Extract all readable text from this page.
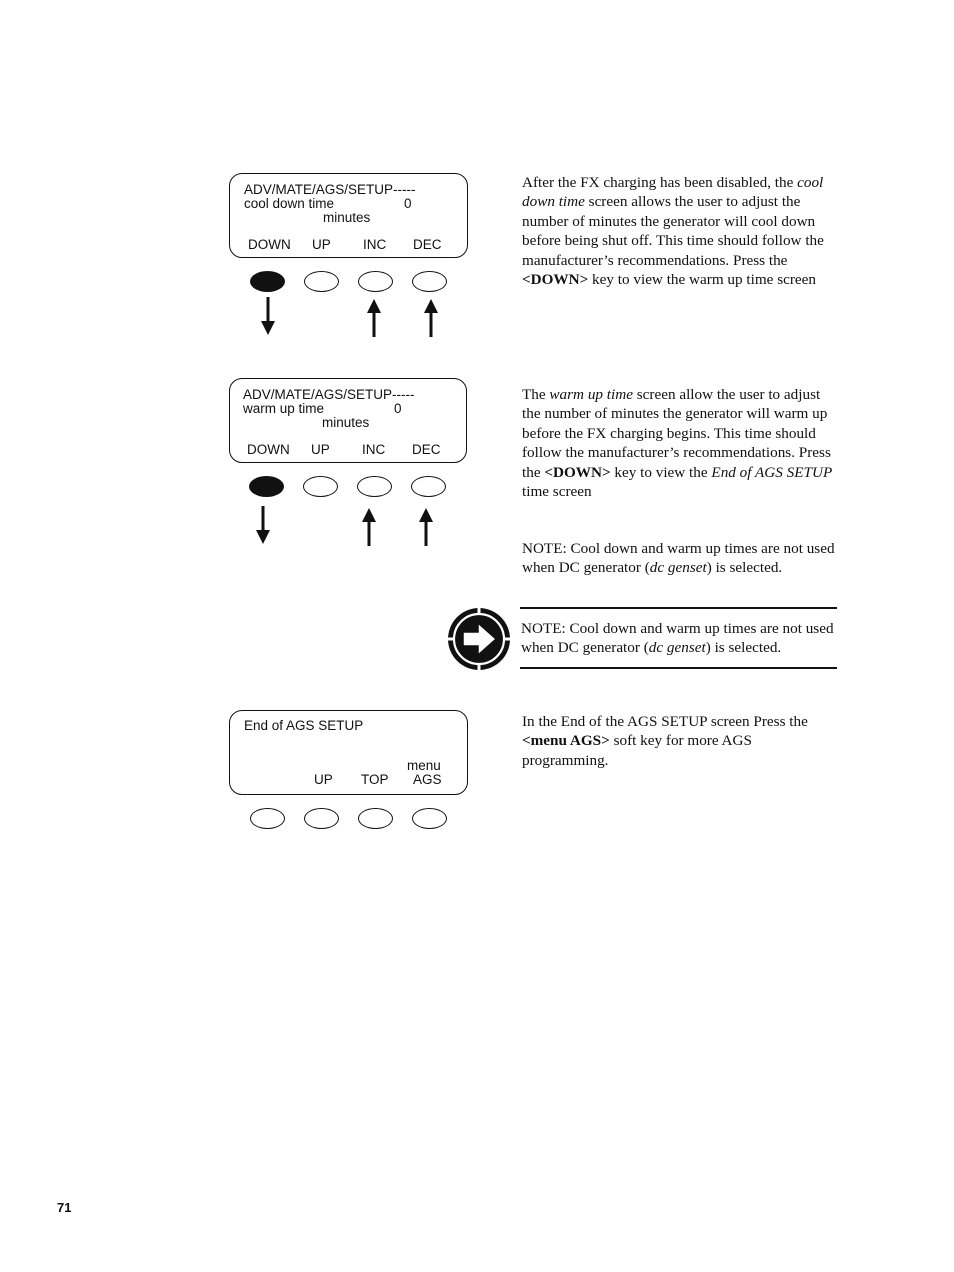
ADV/MATE/AGS/SETUP-----
cool down time	0
minutes
DOWN UP INC DEC

After the FX charging has been disabled, the cool down time screen allows the user to adjust the number of minutes the generator will cool down before being shut off. This time should follow the manufacturer’s recommendations. Press the <DOWN> key to view the warm up time screen

ADV/MATE/AGS/SETUP-----
warm up time	0
minutes
DOWN UP INC DEC

The warm up time screen allow the user to adjust the number of minutes the generator will warm up before the FX charging begins. This time should follow the manufacturer’s recommendations. Press the <DOWN> key to view the End of AGS SETUP time screen

NOTE: Cool down and warm up times are not used when DC generator (dc genset) is selected.

NOTE: Cool down and warm up times are not used when DC generator (dc genset) is selected.

End of AGS SETUP
menu
UP TOP AGS

In the End of the AGS SETUP screen Press the <menu AGS> soft key for more AGS programming.

71
